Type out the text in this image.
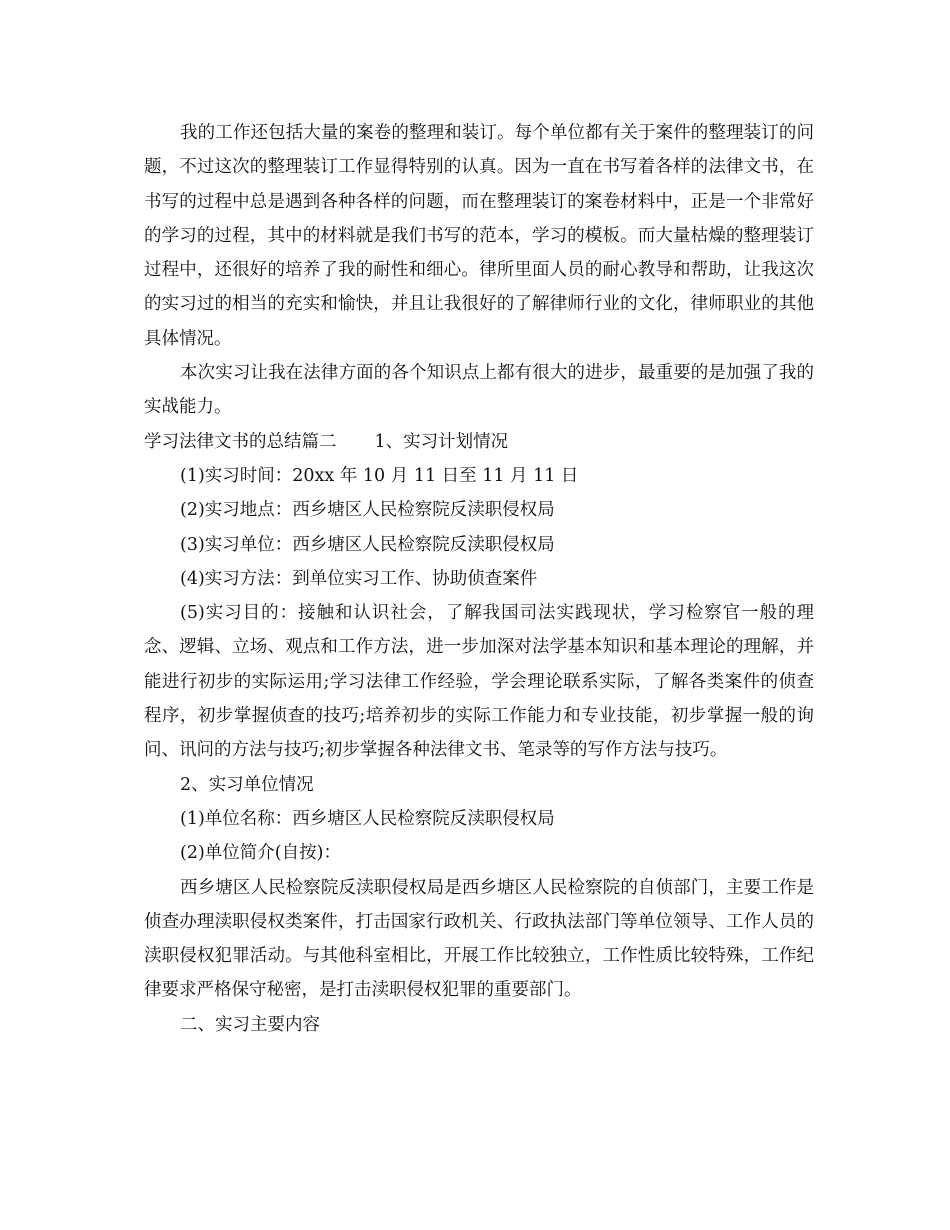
我的工作还包括大量的案卷的整理和装订。每个单位都有关于案件的整理装订的问题，不过这次的整理装订工作显得特别的认真。因为一直在书写着各样的法律文书，在书写的过程中总是遇到各种各样的问题，而在整理装订的案卷材料中，正是一个非常好的学习的过程，其中的材料就是我们书写的范本，学习的模板。而大量枯燥的整理装订过程中，还很好的培养了我的耐性和细心。律所里面人员的耐心教导和帮助，让我这次的实习过的相当的充实和愉快，并且让我很好的了解律师行业的文化，律师职业的其他具体情况。

本次实习让我在法律方面的各个知识点上都有很大的进步，最重要的是加强了我的实战能力。

学习法律文书的总结篇二 1、实习计划情况

(1)实习时间：20xx 年 10 月 11 日至 11 月 11 日

(2)实习地点：西乡塘区人民检察院反渎职侵权局

(3)实习单位：西乡塘区人民检察院反渎职侵权局

(4)实习方法：到单位实习工作、协助侦查案件

(5)实习目的：接触和认识社会，了解我国司法实践现状，学习检察官一般的理念、逻辑、立场、观点和工作方法，进一步加深对法学基本知识和基本理论的理解，并能进行初步的实际运用;学习法律工作经验，学会理论联系实际，了解各类案件的侦查程序，初步掌握侦查的技巧;培养初步的实际工作能力和专业技能，初步掌握一般的询问、讯问的方法与技巧;初步掌握各种法律文书、笔录等的写作方法与技巧。

2、实习单位情况

(1)单位名称：西乡塘区人民检察院反渎职侵权局

(2)单位简介(自按)：

西乡塘区人民检察院反渎职侵权局是西乡塘区人民检察院的自侦部门，主要工作是侦查办理渎职侵权类案件，打击国家行政机关、行政执法部门等单位领导、工作人员的渎职侵权犯罪活动。与其他科室相比，开展工作比较独立，工作性质比较特殊，工作纪律要求严格保守秘密，是打击渎职侵权犯罪的重要部门。

二、实习主要内容
